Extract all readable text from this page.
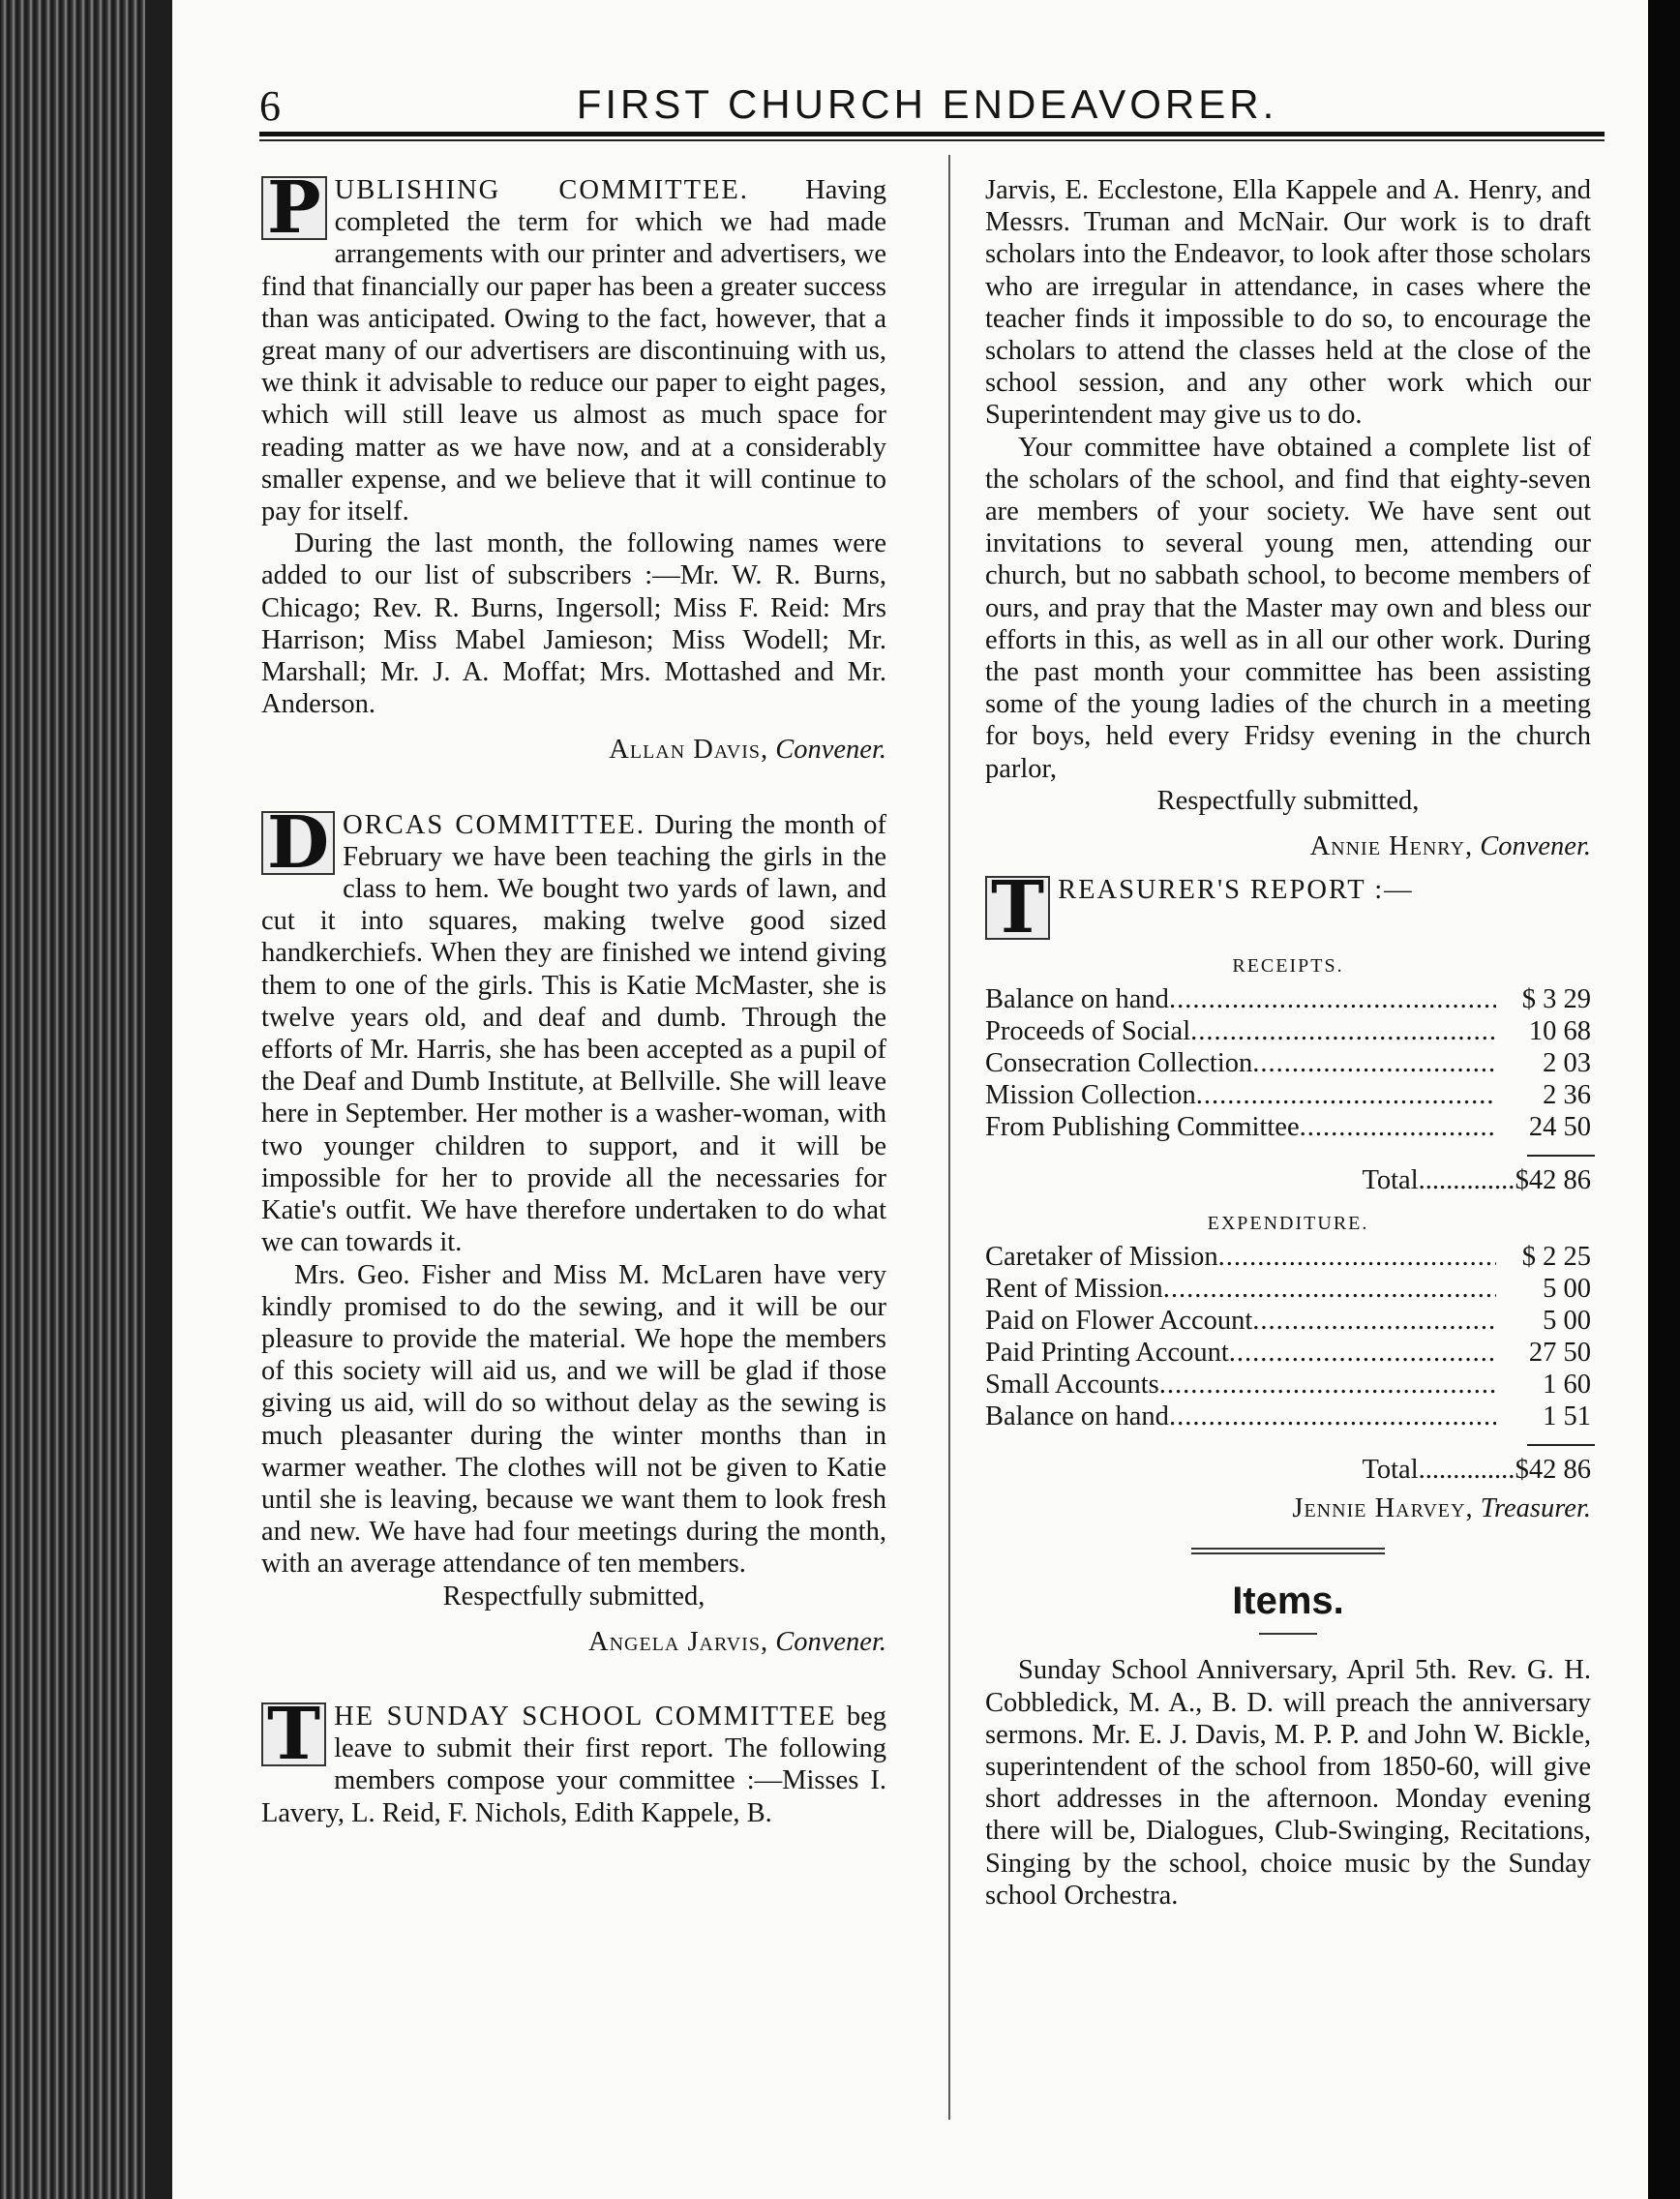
6	FIRST CHURCH ENDEAVORER.

P UBLISHING COMMITTEE. Having completed the term for which we had made arrangements with our printer and advertisers, we find that financially our paper has been a greater success than was anticipated. Owing to the fact, however, that a great many of our advertisers are discontinuing with us, we think it advisable to reduce our paper to eight pages, which will still leave us almost as much space for reading matter as we have now, and at a considerably smaller expense, and we believe that it will continue to pay for itself.

During the last month, the following names were added to our list of subscribers :—Mr. W. R. Burns, Chicago; Rev. R. Burns, Ingersoll; Miss F. Reid: Mrs Harrison; Miss Mabel Jamieson; Miss Wodell; Mr. Marshall; Mr. J. A. Moffat; Mrs. Mottashed and Mr. Anderson.

Allan Davis, Convener.

D ORCAS COMMITTEE. During the month of February we have been teaching the girls in the class to hem. We bought two yards of lawn, and cut it into squares, making twelve good sized handkerchiefs. When they are finished we intend giving them to one of the girls. This is Katie McMaster, she is twelve years old, and deaf and dumb. Through the efforts of Mr. Harris, she has been accepted as a pupil of the Deaf and Dumb Institute, at Bellville. She will leave here in September. Her mother is a washer-woman, with two younger children to support, and it will be impossible for her to provide all the necessaries for Katie's outfit. We have therefore undertaken to do what we can towards it.

Mrs. Geo. Fisher and Miss M. McLaren have very kindly promised to do the sewing, and it will be our pleasure to provide the material. We hope the members of this society will aid us, and we will be glad if those giving us aid, will do so without delay as the sewing is much pleasanter during the winter months than in warmer weather. The clothes will not be given to Katie until she is leaving, because we want them to look fresh and new. We have had four meetings during the month, with an average attendance of ten members.

Respectfully submitted,

Angela Jarvis, Convener.

T HE SUNDAY SCHOOL COMMITTEE beg leave to submit their first report. The following members compose your committee :—Misses I. Lavery, L. Reid, F. Nichols, Edith Kappele, B.

Jarvis, E. Ecclestone, Ella Kappele and A. Henry, and Messrs. Truman and McNair. Our work is to draft scholars into the Endeavor, to look after those scholars who are irregular in attendance, in cases where the teacher finds it impossible to do so, to encourage the scholars to attend the classes held at the close of the school session, and any other work which our Superintendent may give us to do.

Your committee have obtained a complete list of the scholars of the school, and find that eighty-seven are members of your society. We have sent out invitations to several young men, attending our church, but no sabbath school, to become members of ours, and pray that the Master may own and bless our efforts in this, as well as in all our other work. During the past month your committee has been assisting some of the young ladies of the church in a meeting for boys, held every Fridsy evening in the church parlor,

Respectfully submitted,

Annie Henry, Convener.

T REASURER'S REPORT :—

RECEIPTS.
Balance on hand .....	$ 3 29
Proceeds of Social .....	10 68
Consecration Collection .....	2 03
Mission Collection .....	2 36
From Publishing Committee .....	24 50
Total .....	$42 86
EXPENDITURE.
Caretaker of Mission .....	$ 2 25
Rent of Mission .....	5 00
Paid on Flower Account .....	5 00
Paid Printing Account .....	27 50
Small Accounts .....	1 60
Balance on hand .....	1 51
Total .....	$42 86

Jennie Harvey, Treasurer.

Items.

Sunday School Anniversary, April 5th. Rev. G. H. Cobbledick, M. A., B. D. will preach the anniversary sermons. Mr. E. J. Davis, M. P. P. and John W. Bickle, superintendent of the school from 1850-60, will give short addresses in the afternoon. Monday evening there will be, Dialogues, Club-Swinging, Recitations, Singing by the school, choice music by the Sunday school Orchestra.
